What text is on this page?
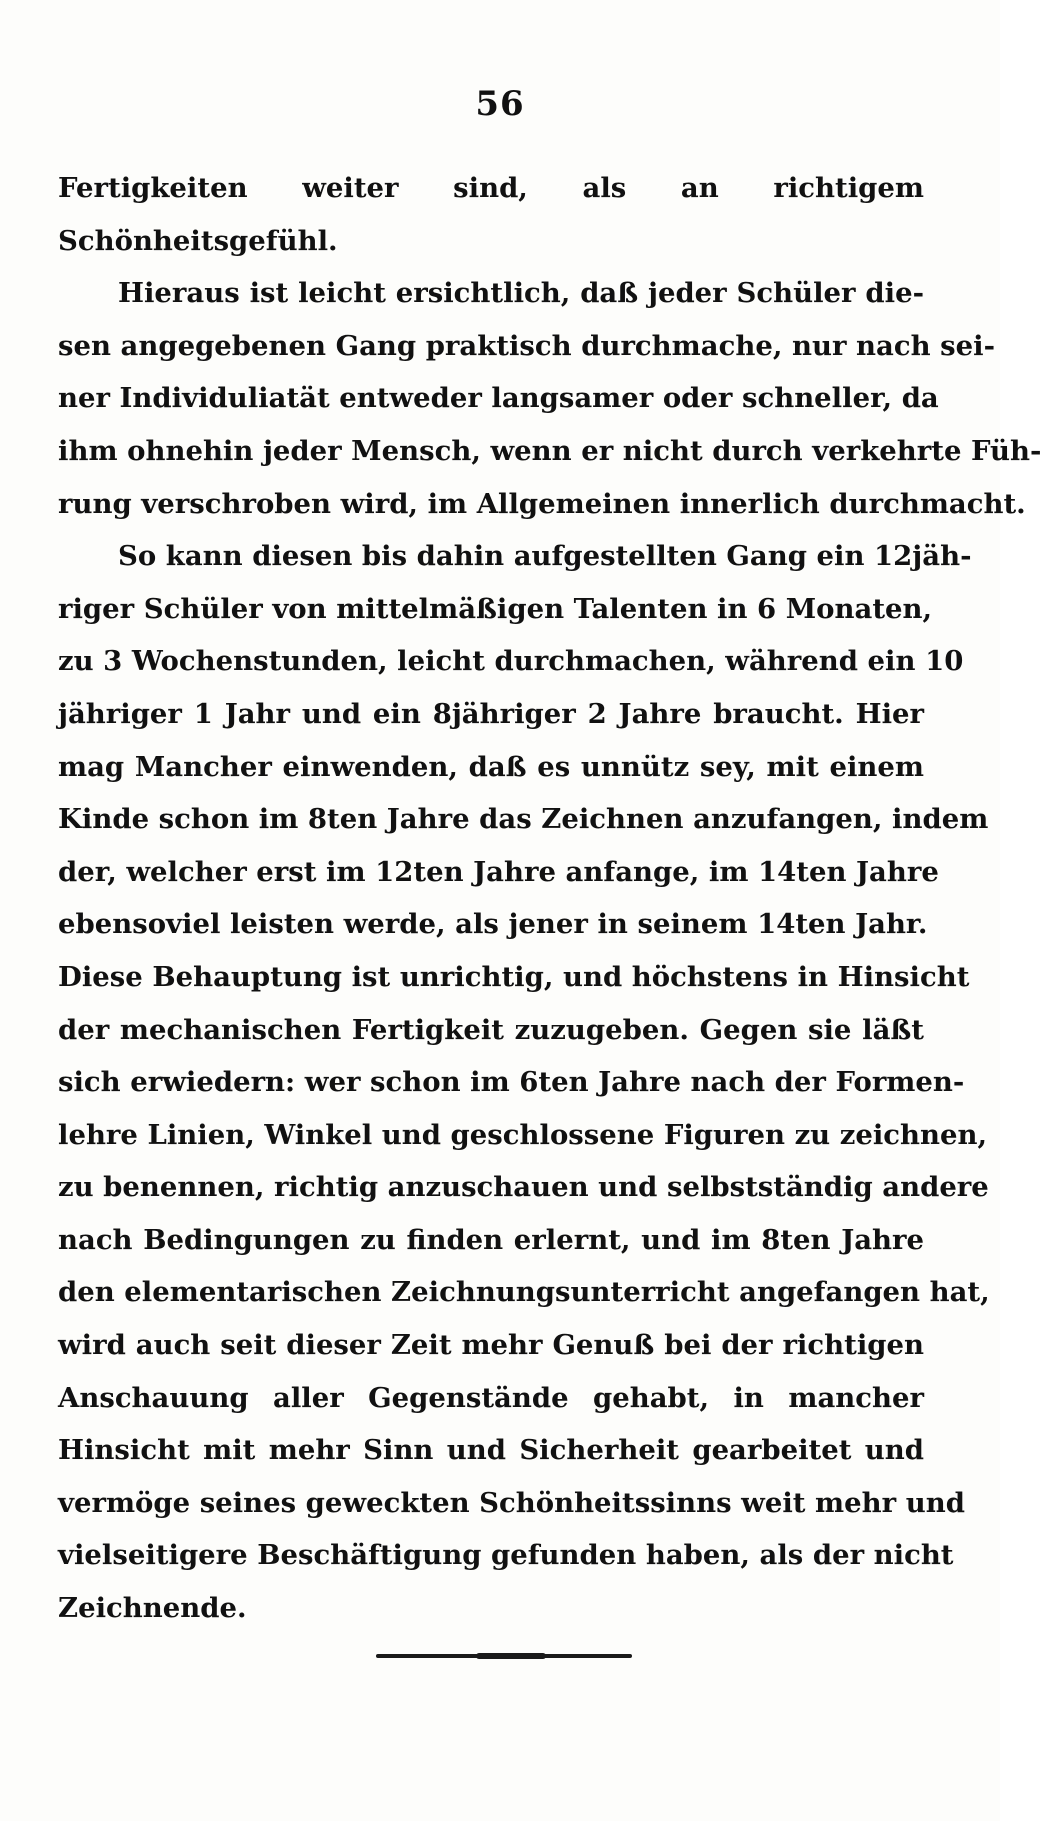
56
Fertigkeiten weiter sind, als an richtigem
Schönheitsgefühl.
Hieraus ist leicht ersichtlich, daß jeder Schüler die-
sen angegebenen Gang praktisch durchmache, nur nach sei-
ner Individuliatät entweder langsamer oder schneller, da
ihm ohnehin jeder Mensch, wenn er nicht durch verkehrte Füh-
rung verschroben wird, im Allgemeinen innerlich durchmacht.
So kann diesen bis dahin aufgestellten Gang ein 12jäh-
riger Schüler von mittelmäßigen Talenten in 6 Monaten,
zu 3 Wochenstunden, leicht durchmachen, während ein 10
jähriger 1 Jahr und ein 8jähriger 2 Jahre braucht. Hier
mag Mancher einwenden, daß es unnütz sey, mit einem
Kinde schon im 8ten Jahre das Zeichnen anzufangen, indem
der, welcher erst im 12ten Jahre anfange, im 14ten Jahre
ebensoviel leisten werde, als jener in seinem 14ten Jahr.
Diese Behauptung ist unrichtig, und höchstens in Hinsicht
der mechanischen Fertigkeit zuzugeben. Gegen sie läßt
sich erwiedern: wer schon im 6ten Jahre nach der Formen-
lehre Linien, Winkel und geschlossene Figuren zu zeichnen,
zu benennen, richtig anzuschauen und selbstständig andere
nach Bedingungen zu finden erlernt, und im 8ten Jahre
den elementarischen Zeichnungsunterricht angefangen hat,
wird auch seit dieser Zeit mehr Genuß bei der richtigen
Anschauung aller Gegenstände gehabt, in mancher
Hinsicht mit mehr Sinn und Sicherheit gearbeitet und
vermöge seines geweckten Schönheitssinns weit mehr und
vielseitigere Beschäftigung gefunden haben, als der nicht
Zeichnende.
